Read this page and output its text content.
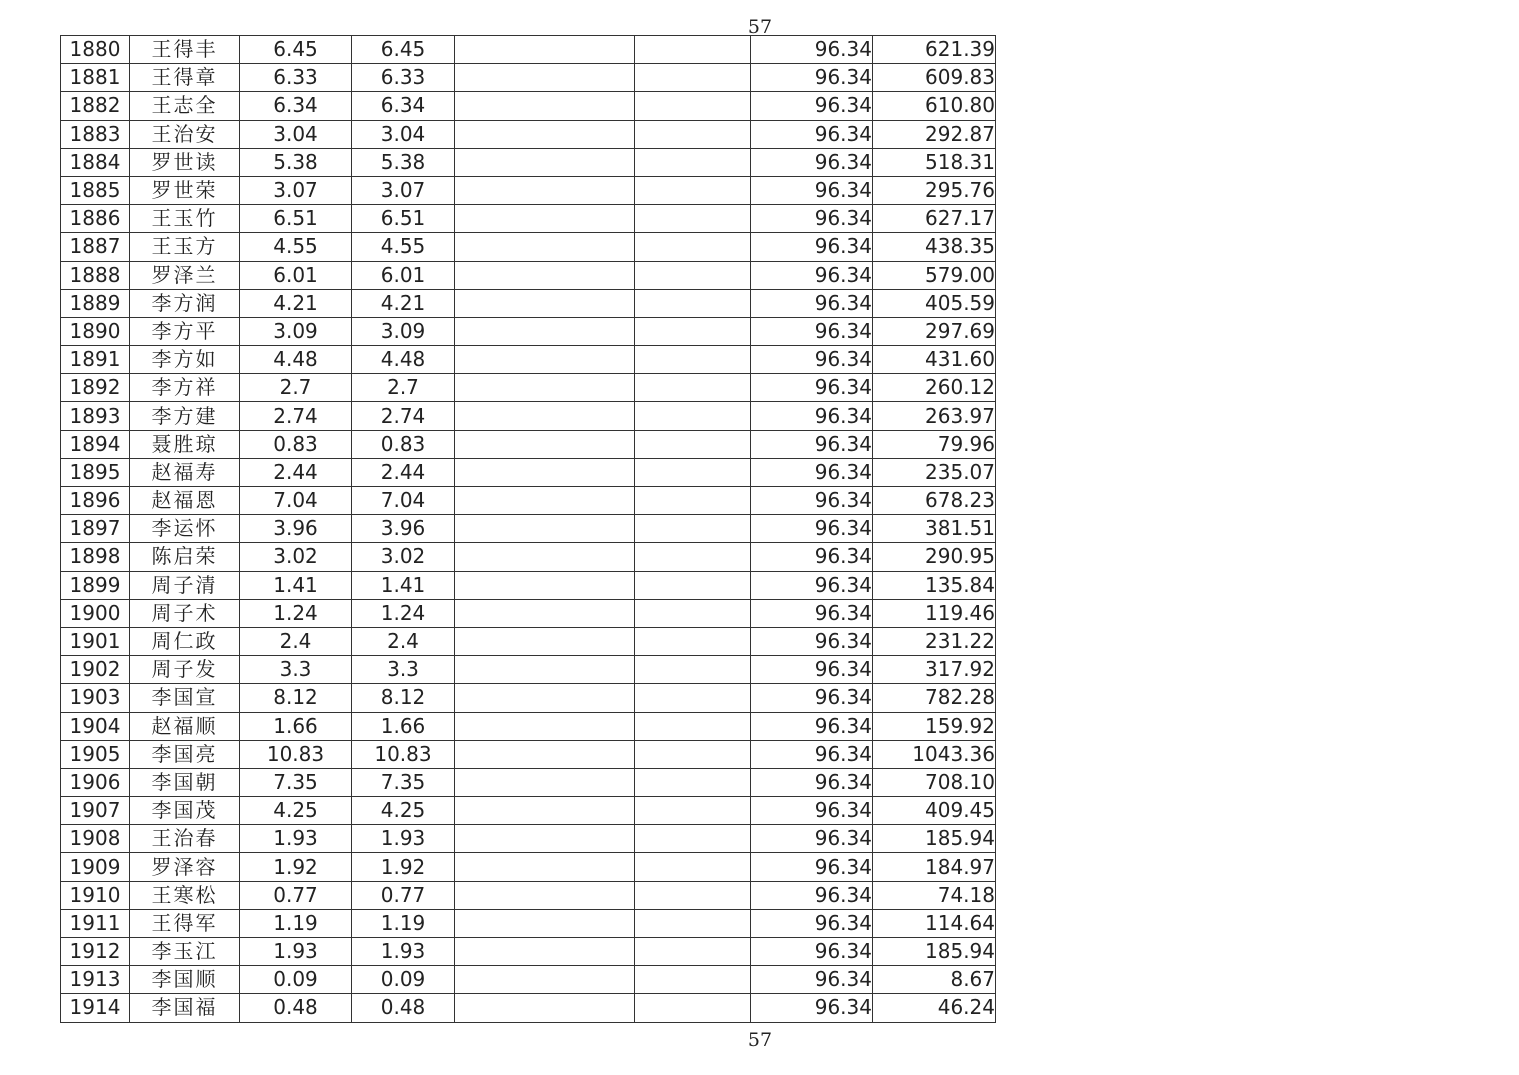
57
1880	王得丰	6.45	6.45			96.34	621.39
1881	王得章	6.33	6.33			96.34	609.83
1882	王志全	6.34	6.34			96.34	610.80
1883	王治安	3.04	3.04			96.34	292.87
1884	罗世读	5.38	5.38			96.34	518.31
1885	罗世荣	3.07	3.07			96.34	295.76
1886	王玉竹	6.51	6.51			96.34	627.17
1887	王玉方	4.55	4.55			96.34	438.35
1888	罗泽兰	6.01	6.01			96.34	579.00
1889	李方润	4.21	4.21			96.34	405.59
1890	李方平	3.09	3.09			96.34	297.69
1891	李方如	4.48	4.48			96.34	431.60
1892	李方祥	2.7	2.7			96.34	260.12
1893	李方建	2.74	2.74			96.34	263.97
1894	聂胜琼	0.83	0.83			96.34	79.96
1895	赵福寿	2.44	2.44			96.34	235.07
1896	赵福恩	7.04	7.04			96.34	678.23
1897	李运怀	3.96	3.96			96.34	381.51
1898	陈启荣	3.02	3.02			96.34	290.95
1899	周子清	1.41	1.41			96.34	135.84
1900	周子术	1.24	1.24			96.34	119.46
1901	周仁政	2.4	2.4			96.34	231.22
1902	周子发	3.3	3.3			96.34	317.92
1903	李国宣	8.12	8.12			96.34	782.28
1904	赵福顺	1.66	1.66			96.34	159.92
1905	李国亮	10.83	10.83			96.34	1043.36
1906	李国朝	7.35	7.35			96.34	708.10
1907	李国茂	4.25	4.25			96.34	409.45
1908	王治春	1.93	1.93			96.34	185.94
1909	罗泽容	1.92	1.92			96.34	184.97
1910	王寒松	0.77	0.77			96.34	74.18
1911	王得军	1.19	1.19			96.34	114.64
1912	李玉江	1.93	1.93			96.34	185.94
1913	李国顺	0.09	0.09			96.34	8.67
1914	李国福	0.48	0.48			96.34	46.24
57
